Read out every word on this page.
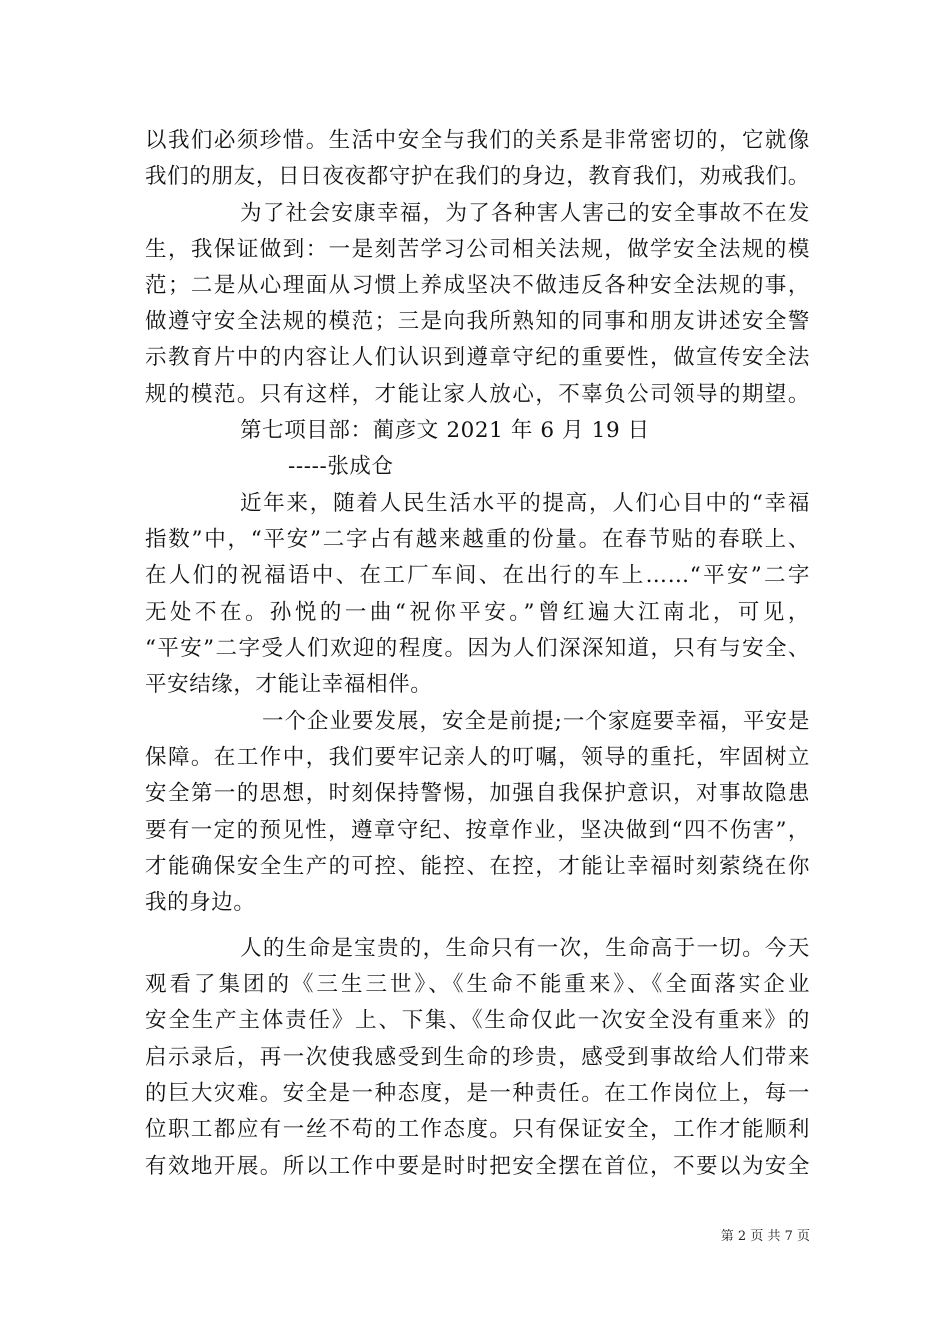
以我们必须珍惜。生活中安全与我们的关系是非常密切的，它就像
我们的朋友，日日夜夜都守护在我们的身边，教育我们，劝戒我们。
为了社会安康幸福，为了各种害人害己的安全事故不在发
生，我保证做到：一是刻苦学习公司相关法规，做学安全法规的模
范；二是从心理面从习惯上养成坚决不做违反各种安全法规的事，
做遵守安全法规的模范；三是向我所熟知的同事和朋友讲述安全警
示教育片中的内容让人们认识到遵章守纪的重要性，做宣传安全法
规的模范。只有这样，才能让家人放心，不辜负公司领导的期望。
第七项目部：蔺彦文 2021 年 6 月 19 日
-----张成仓
近年来，随着人民生活水平的提高，人们心目中的“幸福
指数”中，“平安”二字占有越来越重的份量。在春节贴的春联上、
在人们的祝福语中、在工厂车间、在出行的车上……“平安”二字
无处不在。孙悦的一曲“祝你平安。”曾红遍大江南北，可见，
“平安”二字受人们欢迎的程度。因为人们深深知道，只有与安全、
平安结缘，才能让幸福相伴。
一个企业要发展，安全是前提;一个家庭要幸福，平安是
保障。在工作中，我们要牢记亲人的叮嘱，领导的重托，牢固树立
安全第一的思想，时刻保持警惕，加强自我保护意识，对事故隐患
要有一定的预见性，遵章守纪、按章作业，坚决做到“四不伤害”，
才能确保安全生产的可控、能控、在控，才能让幸福时刻萦绕在你
我的身边。
人的生命是宝贵的，生命只有一次，生命高于一切。今天
观看了集团的《三生三世》、《生命不能重来》、《全面落实企业
安全生产主体责任》上、下集、《生命仅此一次安全没有重来》的
启示录后，再一次使我感受到生命的珍贵，感受到事故给人们带来
的巨大灾难。安全是一种态度，是一种责任。在工作岗位上，每一
位职工都应有一丝不苟的工作态度。只有保证安全，工作才能顺利
有效地开展。所以工作中要是时时把安全摆在首位，不要以为安全
第 2 页 共 7 页
